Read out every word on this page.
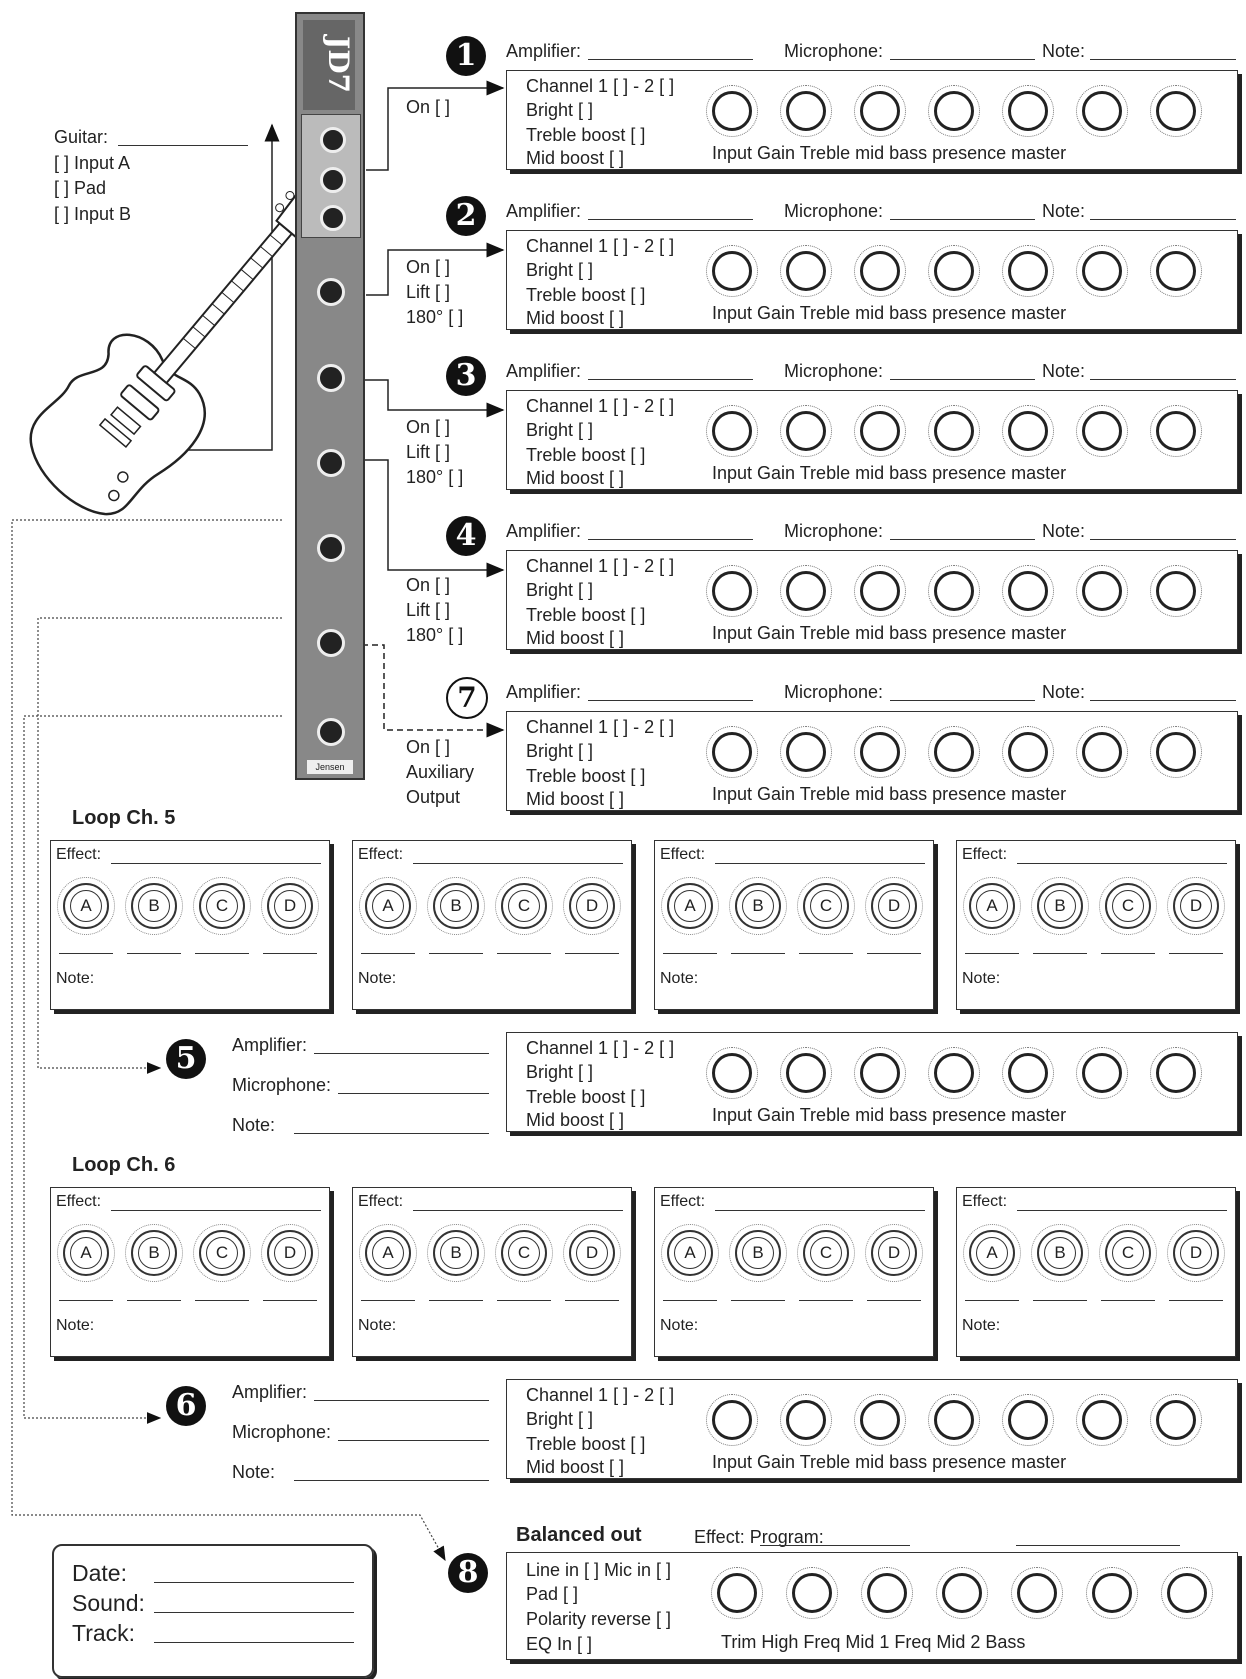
Guitar:
[ ] Input A
[ ] Pad
[ ] Input B
JD7
Jensen
On [ ]
On [ ]
Lift [ ]
180° [ ]
On [ ]
Lift [ ]
180° [ ]
On [ ]
Lift [ ]
180° [ ]
On [ ]
Auxiliary
Output
1	Amplifier:	Microphone:	Note:
Channel 1 [ ] - 2 [ ]
Bright [ ]
Treble boost [ ]
Mid boost [ ]	Input Gain Treble mid bass presence master
2	Amplifier:	Microphone:	Note:
Channel 1 [ ] - 2 [ ]
Bright [ ]
Treble boost [ ]
Mid boost [ ]	Input Gain Treble mid bass presence master
3	Amplifier:	Microphone:	Note:
Channel 1 [ ] - 2 [ ]
Bright [ ]
Treble boost [ ]
Mid boost [ ]	Input Gain Treble mid bass presence master
4	Amplifier:	Microphone:	Note:
Channel 1 [ ] - 2 [ ]
Bright [ ]
Treble boost [ ]
Mid boost [ ]	Input Gain Treble mid bass presence master
7	Amplifier:	Microphone:	Note:
Channel 1 [ ] - 2 [ ]
Bright [ ]
Treble boost [ ]
Mid boost [ ]	Input Gain Treble mid bass presence master
Loop Ch. 5
Effect:
A	B	C	D
Note:
Effect:
A	B	C	D
Note:
Effect:
A	B	C	D
Note:
Effect:
A	B	C	D
Note:
5	Amplifier:
Microphone:
Note:
Channel 1 [ ] - 2 [ ]
Bright [ ]
Treble boost [ ]
Mid boost [ ]	Input Gain Treble mid bass presence master
Loop Ch. 6
Effect:
A	B	C	D
Note:
Effect:
A	B	C	D
Note:
Effect:
A	B	C	D
Note:
Effect:
A	B	C	D
Note:
6	Amplifier:
Microphone:
Note:
Channel 1 [ ] - 2 [ ]
Bright [ ]
Treble boost [ ]
Mid boost [ ]	Input Gain Treble mid bass presence master
Balanced out	Effect: Program:
8	Line in [ ] Mic in [ ]
Pad [ ]
Polarity reverse [ ]
EQ In [ ]	Trim High Freq Mid 1 Freq Mid 2 Bass
Date:
Sound:
Track:
